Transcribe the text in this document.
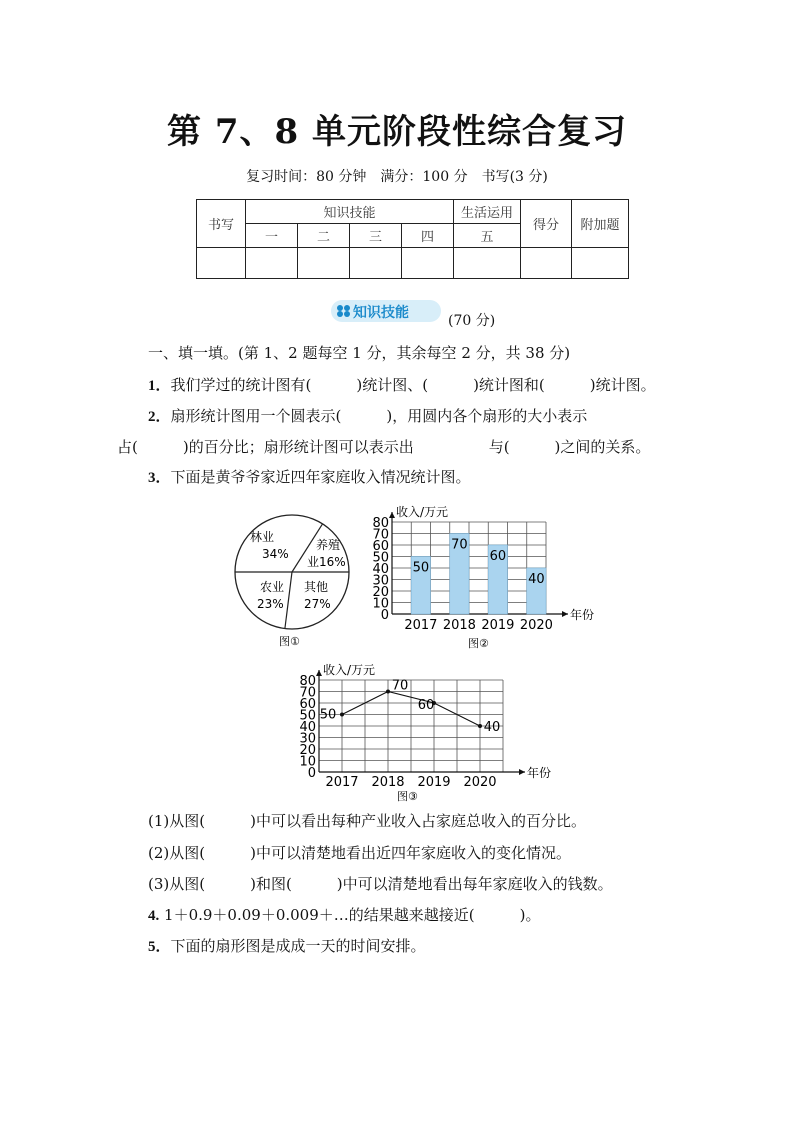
第 7、8 单元阶段性综合复习
复习时间：80 分钟　满分：100 分　书写(3 分)
书写	知识技能				生活运用	得分	附加题
	一	二	三	四	五		

知识技能	(70 分)
一、填一填。(第 1、2 题每空 1 分，其余每空 2 分，共 38 分)
1．我们学过的统计图有(　　　)统计图、(　　　)统计图和(　　　)统计图。
2．扇形统计图用一个圆表示(　　　)，用圆内各个扇形的大小表示
占(　　　)的百分比；扇形统计图可以表示出　　　　　与(　　　)之间的关系。
3．下面是黄爷爷家近四年家庭收入情况统计图。
林业
34%
养殖
业16%
农业
23%
其他
27%
图①
0
10
20
30
40
50
60
70
80
收入/万元
年份
图②
50
2017
70
2018
60
2019
40
2020
0
10
20
30
40
50
60
70
80
收入/万元
年份
图③
50
2017
70
2018
60
2019
40
2020
(1)从图(　　　)中可以看出每种产业收入占家庭总收入的百分比。
(2)从图(　　　)中可以清楚地看出近四年家庭收入的变化情况。
(3)从图(　　　)和图(　　　)中可以清楚地看出每年家庭收入的钱数。
4. 1＋0.9＋0.09＋0.009＋…的结果越来越接近(　　　)。
5．下面的扇形图是成成一天的时间安排。
